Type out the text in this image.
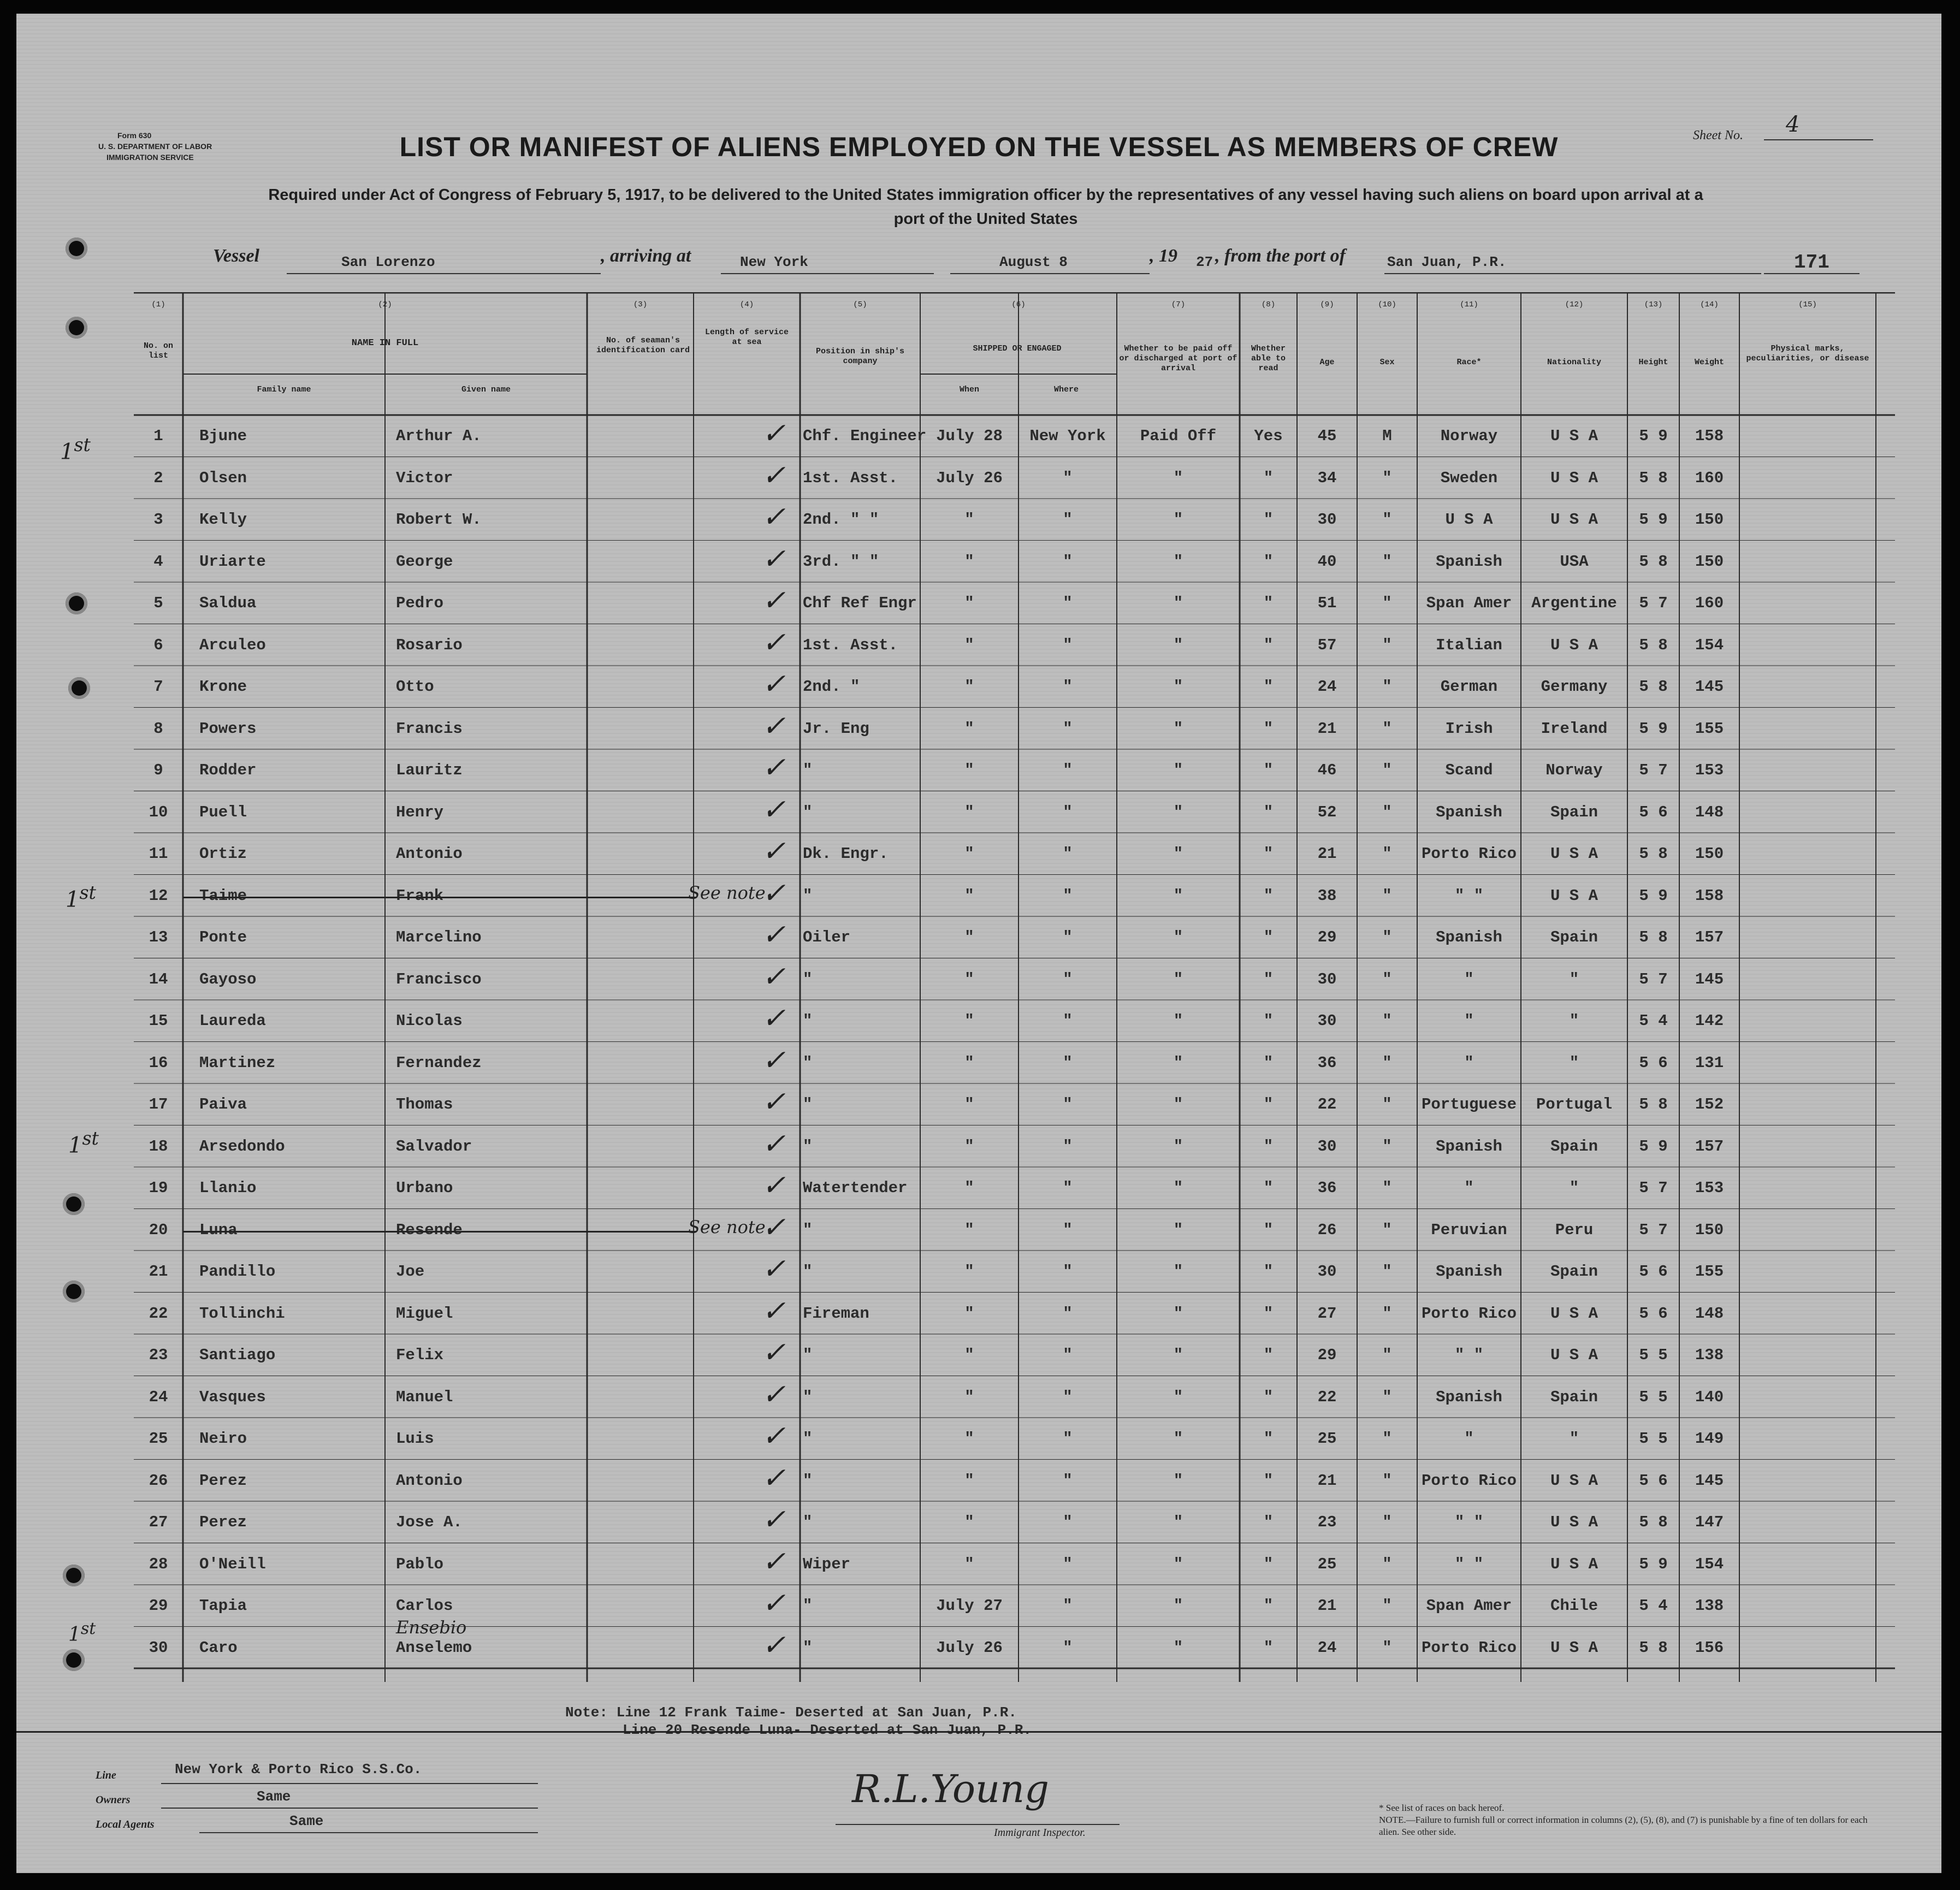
Form 630
U. S. DEPARTMENT OF LABOR
IMMIGRATION SERVICE	LIST OR MANIFEST OF ALIENS EMPLOYED ON THE VESSEL AS MEMBERS OF CREW	Sheet No. 4
Required under Act of Congress of February 5, 1917, to be delivered to the United States immigration officer by the representatives of any vessel having such aliens on board upon arrival at a
port of the United States
Vessel	San Lorenzo	, arriving at	New York	August 8	, 19 27 , from the port of	San Juan, P.R.	171
(1)	(2)	(3)	(4)	(5)	(6)	(7)	(8)	(9)	(10)	(11)	(12)	(13)	(14)	(15)
No. on list
NAME IN FULL
Family name	Given name
No. of seaman's identification card
Length of service at sea
Position in ship's company
SHIPPED OR ENGAGED
When	Where
Whether to be paid off or discharged at port of arrival
Whether able to read
Age	Sex	Race*	Nationality	Height	Weight
Physical marks, peculiarities, or disease
1	Bjune	Arthur A.	Chf. Engineer July 28	New York	Paid Off	Yes	45	M	Norway	U S A	5 9	158
✓
2	Olsen	Victor	1st. Asst.	July 26	"	"	"	34	"	Sweden	U S A	5 8	160
✓
3	Kelly	Robert W.	2nd. " "	"	"	"	"	30	"	U S A	U S A	5 9	150
✓
4	Uriarte	George	3rd. " "	"	"	"	"	40	"	Spanish	USA	5 8	150
✓
5	Saldua	Pedro	Chf Ref Engr	"	"	"	"	51	"	Span Amer	Argentine	5 7	160
✓
6	Arculeo	Rosario	1st. Asst.	"	"	"	"	57	"	Italian	U S A	5 8	154
✓
7	Krone	Otto	2nd. "	"	"	"	"	24	"	German	Germany	5 8	145
✓
8	Powers	Francis	Jr. Eng	"	"	"	"	21	"	Irish	Ireland	5 9	155
✓
9	Rodder	Lauritz	"	"	"	"	"	46	"	Scand	Norway	5 7	153
✓
10	Puell	Henry	"	"	"	"	"	52	"	Spanish	Spain	5 6	148
✓
11	Ortiz	Antonio	Dk. Engr.	"	"	"	"	21	"	Porto Rico	U S A	5 8	150
✓
12	Taime	Frank	"	"	"	"	"	38	"	" "	U S A	5 9	158
See note
✓
13	Ponte	Marcelino	Oiler	"	"	"	"	29	"	Spanish	Spain	5 8	157
✓
14	Gayoso	Francisco	"	"	"	"	"	30	"	"	"	5 7	145
✓
15	Laureda	Nicolas	"	"	"	"	"	30	"	"	"	5 4	142
✓
16	Martinez	Fernandez	"	"	"	"	"	36	"	"	"	5 6	131
✓
17	Paiva	Thomas	"	"	"	"	"	22	"	Portuguese	Portugal	5 8	152
✓
18	Arsedondo	Salvador	"	"	"	"	"	30	"	Spanish	Spain	5 9	157
✓
19	Llanio	Urbano	Watertender	"	"	"	"	36	"	"	"	5 7	153
✓
20	Luna	Resende	"	"	"	"	"	26	"	Peruvian	Peru	5 7	150
See note
✓
21	Pandillo	Joe	"	"	"	"	"	30	"	Spanish	Spain	5 6	155
✓
22	Tollinchi	Miguel	Fireman	"	"	"	"	27	"	Porto Rico	U S A	5 6	148
✓
23	Santiago	Felix	"	"	"	"	"	29	"	" "	U S A	5 5	138
✓
24	Vasques	Manuel	"	"	"	"	"	22	"	Spanish	Spain	5 5	140
✓
25	Neiro	Luis	"	"	"	"	"	25	"	"	"	5 5	149
✓
26	Perez	Antonio	"	"	"	"	"	21	"	Porto Rico	U S A	5 6	145
✓
27	Perez	Jose A.	"	"	"	"	"	23	"	" "	U S A	5 8	147
✓
28	O'Neill	Pablo	Wiper	"	"	"	"	25	"	" "	U S A	5 9	154
✓
29	Tapia	Carlos	"	July 27	"	"	"	21	"	Span Amer	Chile	5 4	138
✓
30	Caro	Anselemo	"	July 26	"	"	"	24	"	Porto Rico	U S A	5 8	156
Ensebio
✓
1st
1st
1st
1st
Note: Line 12 Frank Taime- Deserted at San Juan, P.R.
Line 20 Resende Luna- Deserted at San Juan, P.R.
Line	New York & Porto Rico S.S.Co.
Owners	Same
Local Agents	Same
R.L.Young
Immigrant Inspector.
* See list of races on back hereof.
NOTE.—Failure to furnish full or correct information in columns (2), (5), (8), and (7) is punishable by a fine of ten dollars for each alien. See other side.
